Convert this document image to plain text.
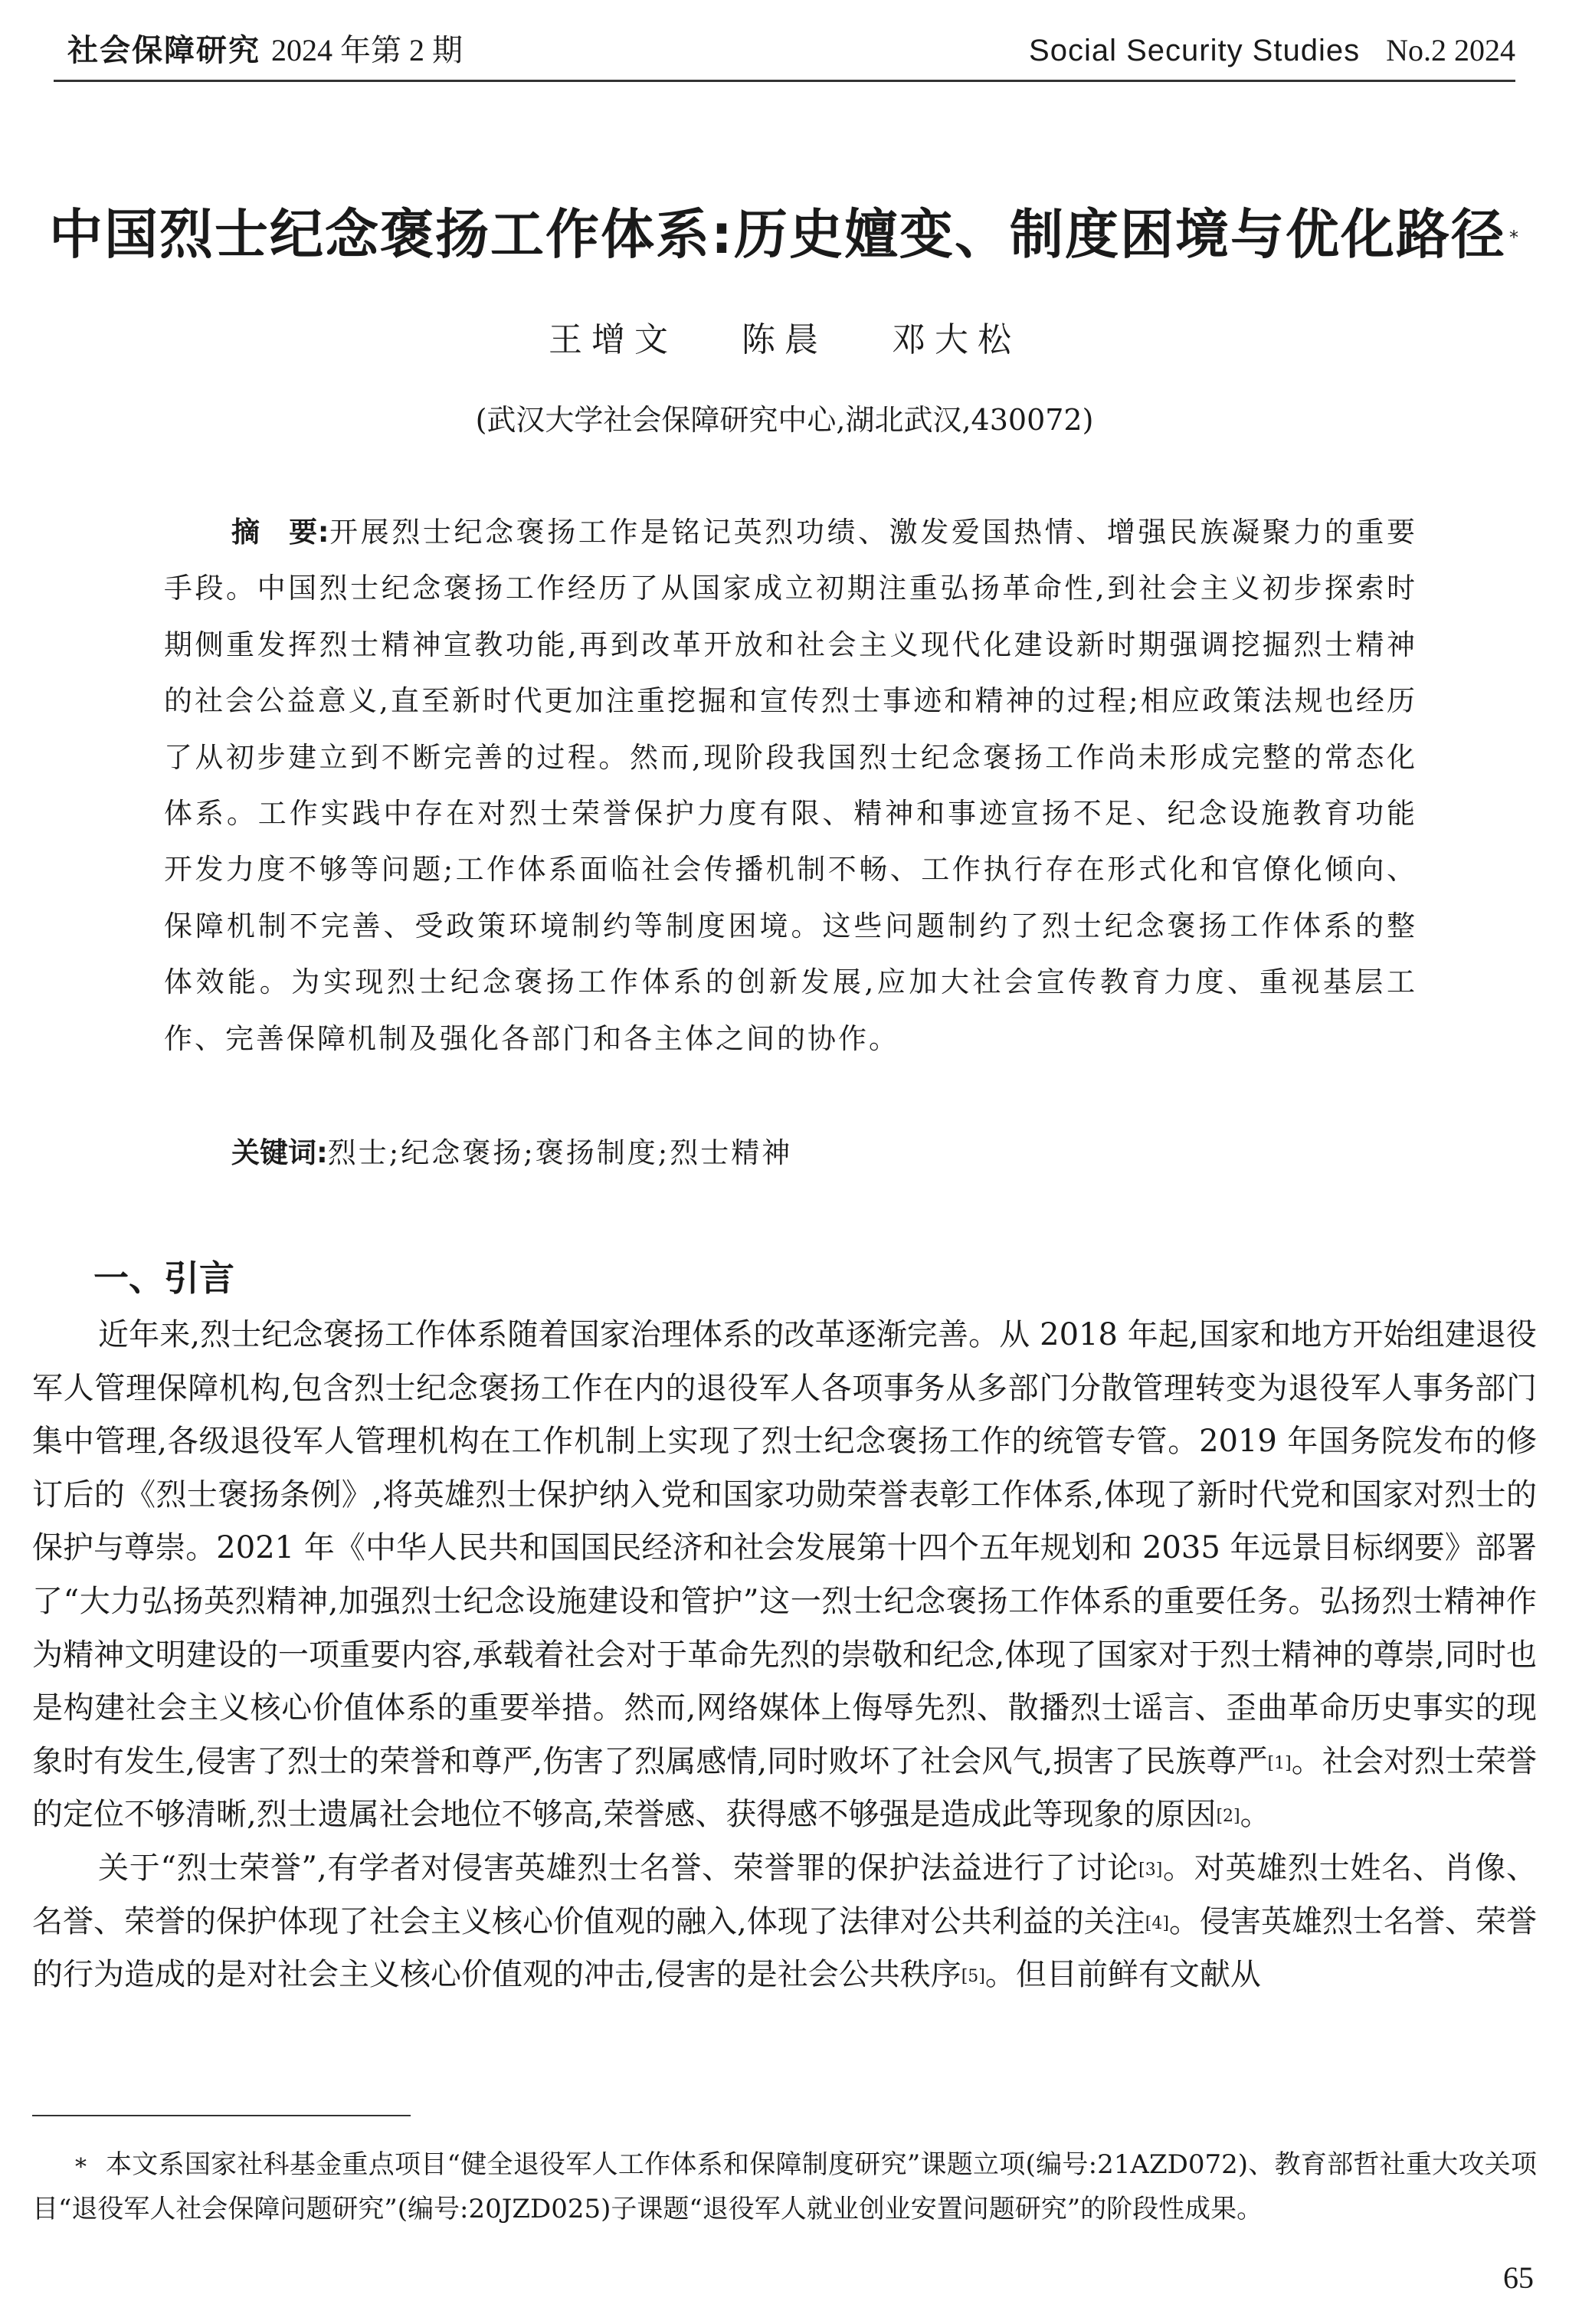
社会保障研究 2024 年第 2 期	Social Security Studies No.2 2024
中国烈士纪念褒扬工作体系:历史嬗变、制度困境与优化路径 *
王增文 陈晨 邓大松
(武汉大学社会保障研究中心,湖北武汉,430072)
摘　要:开展烈士纪念褒扬工作是铭记英烈功绩、激发爱国热情、增强民族凝聚力的重要手段。中国烈士纪念褒扬工作经历了从国家成立初期注重弘扬革命性,到社会主义初步探索时期侧重发挥烈士精神宣教功能,再到改革开放和社会主义现代化建设新时期强调挖掘烈士精神的社会公益意义,直至新时代更加注重挖掘和宣传烈士事迹和精神的过程;相应政策法规也经历了从初步建立到不断完善的过程。然而,现阶段我国烈士纪念褒扬工作尚未形成完整的常态化体系。工作实践中存在对烈士荣誉保护力度有限、精神和事迹宣扬不足、纪念设施教育功能开发力度不够等问题;工作体系面临社会传播机制不畅、工作执行存在形式化和官僚化倾向、保障机制不完善、受政策环境制约等制度困境。这些问题制约了烈士纪念褒扬工作体系的整体效能。为实现烈士纪念褒扬工作体系的创新发展,应加大社会宣传教育力度、重视基层工作、完善保障机制及强化各部门和各主体之间的协作。
关键词:烈士;纪念褒扬;褒扬制度;烈士精神
一、引言

近年来,烈士纪念褒扬工作体系随着国家治理体系的改革逐渐完善。从 2018 年起,国家和地方开始组建退役军人管理保障机构,包含烈士纪念褒扬工作在内的退役军人各项事务从多部门分散管理转变为退役军人事务部门集中管理,各级退役军人管理机构在工作机制上实现了烈士纪念褒扬工作的统管专管。2019 年国务院发布的修订后的《烈士褒扬条例》,将英雄烈士保护纳入党和国家功勋荣誉表彰工作体系,体现了新时代党和国家对烈士的保护与尊崇。2021 年《中华人民共和国国民经济和社会发展第十四个五年规划和 2035 年远景目标纲要》部署了“大力弘扬英烈精神,加强烈士纪念设施建设和管护”这一烈士纪念褒扬工作体系的重要任务。弘扬烈士精神作为精神文明建设的一项重要内容,承载着社会对于革命先烈的崇敬和纪念,体现了国家对于烈士精神的尊崇,同时也是构建社会主义核心价值体系的重要举措。然而,网络媒体上侮辱先烈、散播烈士谣言、歪曲革命历史事实的现象时有发生,侵害了烈士的荣誉和尊严,伤害了烈属感情,同时败坏了社会风气,损害了民族尊严[1]。社会对烈士荣誉的定位不够清晰,烈士遗属社会地位不够高,荣誉感、获得感不够强是造成此等现象的原因[2]。

关于“烈士荣誉”,有学者对侵害英雄烈士名誉、荣誉罪的保护法益进行了讨论[3]。对英雄烈士姓名、肖像、名誉、荣誉的保护体现了社会主义核心价值观的融入,体现了法律对公共利益的关注[4]。侵害英雄烈士名誉、荣誉的行为造成的是对社会主义核心价值观的冲击,侵害的是社会公共秩序[5]。但目前鲜有文献从

* 本文系国家社科基金重点项目“健全退役军人工作体系和保障制度研究”课题立项(编号:21AZD072)、教育部哲社重大攻关项目“退役军人社会保障问题研究”(编号:20JZD025)子课题“退役军人就业创业安置问题研究”的阶段性成果。

65
